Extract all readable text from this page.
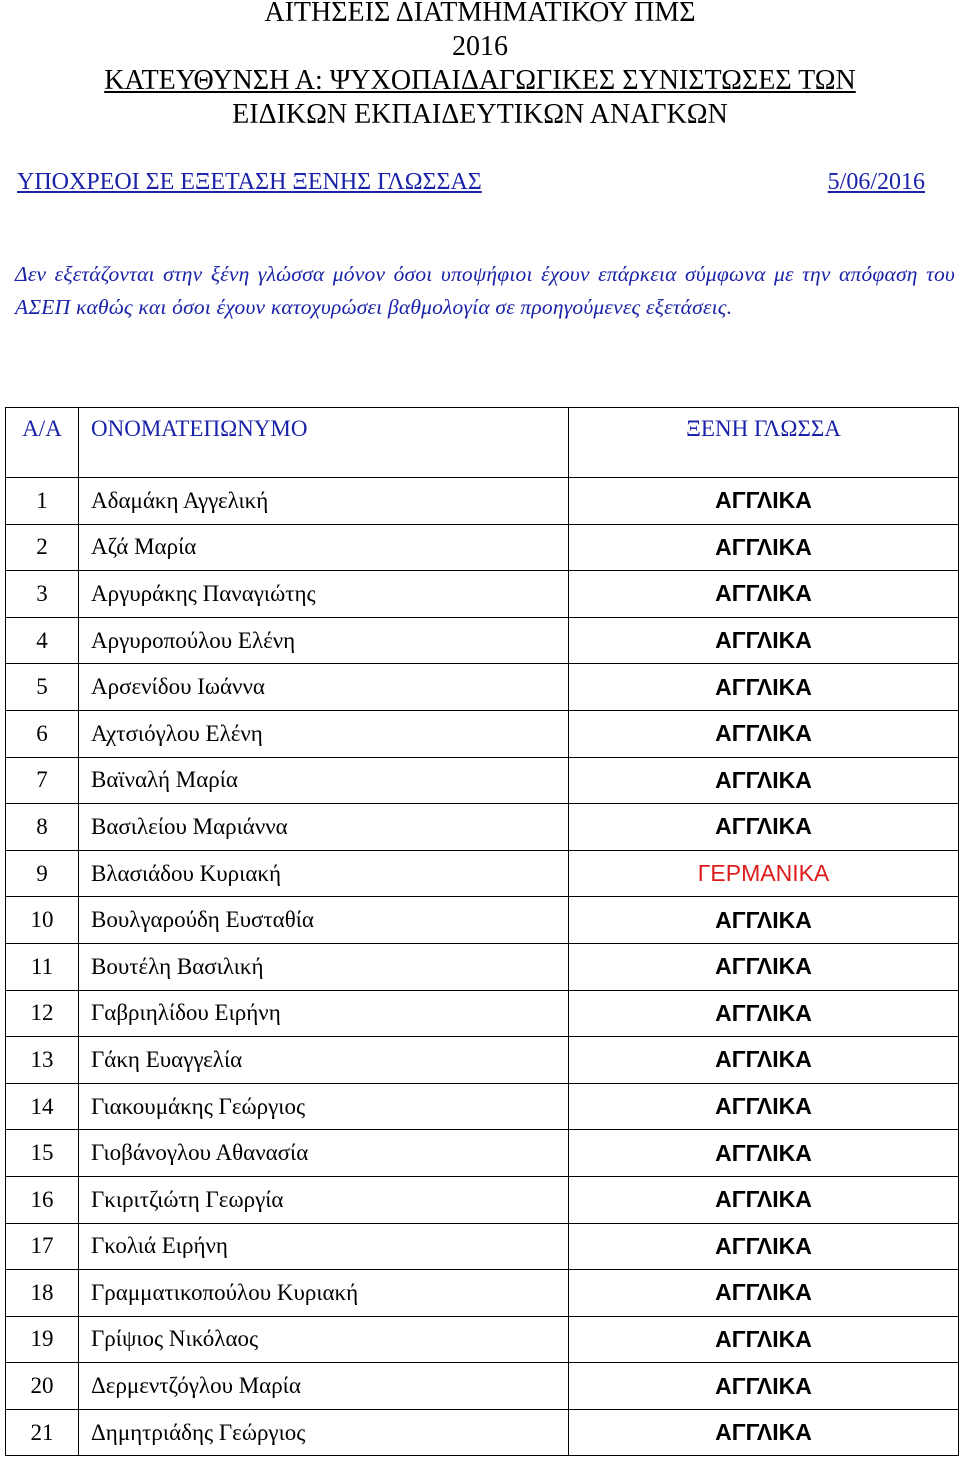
ΑΙΤΗΣΕΙΣ ΔΙΑΤΜΗΜΑΤΙΚΟΥ ΠΜΣ
2016
ΚΑΤΕΥΘΥΝΣΗ Α: ΨΥΧΟΠΑΙΔΑΓΩΓΙΚΕΣ ΣΥΝΙΣΤΩΣΕΣ ΤΩΝ
ΕΙΔΙΚΩΝ ΕΚΠΑΙΔΕΥΤΙΚΩΝ ΑΝΑΓΚΩΝ
ΥΠΟΧΡΕΟΙ ΣΕ ΕΞΕΤΑΣΗ ΞΕΝΗΣ ΓΛΩΣΣΑΣ	5/06/2016
Δεν εξετάζονται στην ξένη γλώσσα μόνον όσοι υποψήφιοι έχουν επάρκεια σύμφωνα με την απόφαση του ΑΣΕΠ καθώς και όσοι έχουν κατοχυρώσει βαθμολογία σε προηγούμενες εξετάσεις.
Α/Α	ΟΝΟΜΑΤΕΠΩΝΥΜΟ	ΞΕΝΗ ΓΛΩΣΣΑ
1	Αδαμάκη Αγγελική	ΑΓΓΛΙΚΑ
2	Αζά Μαρία	ΑΓΓΛΙΚΑ
3	Αργυράκης Παναγιώτης	ΑΓΓΛΙΚΑ
4	Αργυροπούλου Ελένη	ΑΓΓΛΙΚΑ
5	Αρσενίδου Ιωάννα	ΑΓΓΛΙΚΑ
6	Αχτσιόγλου Ελένη	ΑΓΓΛΙΚΑ
7	Βαϊναλή Μαρία	ΑΓΓΛΙΚΑ
8	Βασιλείου Μαριάννα	ΑΓΓΛΙΚΑ
9	Βλασιάδου Κυριακή	ΓΕΡΜΑΝΙΚΑ
10	Βουλγαρούδη Ευσταθία	ΑΓΓΛΙΚΑ
11	Βουτέλη Βασιλική	ΑΓΓΛΙΚΑ
12	Γαβριηλίδου Ειρήνη	ΑΓΓΛΙΚΑ
13	Γάκη Ευαγγελία	ΑΓΓΛΙΚΑ
14	Γιακουμάκης Γεώργιος	ΑΓΓΛΙΚΑ
15	Γιοβάνογλου Αθανασία	ΑΓΓΛΙΚΑ
16	Γκιριτζιώτη Γεωργία	ΑΓΓΛΙΚΑ
17	Γκολιά Ειρήνη	ΑΓΓΛΙΚΑ
18	Γραμματικοπούλου Κυριακή	ΑΓΓΛΙΚΑ
19	Γρίψιος Νικόλαος	ΑΓΓΛΙΚΑ
20	Δερμεντζόγλου Μαρία	ΑΓΓΛΙΚΑ
21	Δημητριάδης Γεώργιος	ΑΓΓΛΙΚΑ
